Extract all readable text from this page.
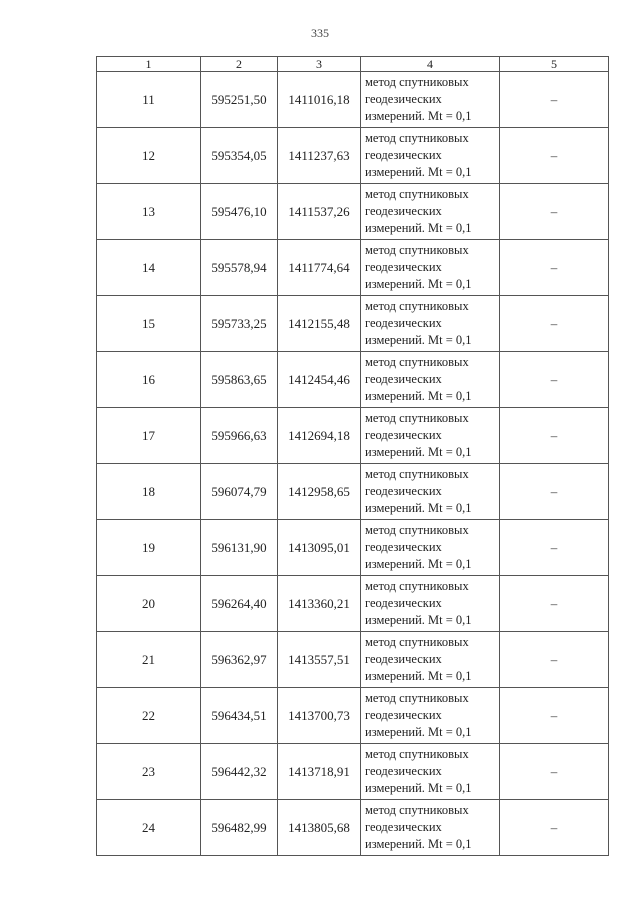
335
1	2	3	4	5
11	595251,50	1411016,18	метод спутниковых
геодезических
измерений. Mt = 0,1	–
12	595354,05	1411237,63	метод спутниковых
геодезических
измерений. Mt = 0,1	–
13	595476,10	1411537,26	метод спутниковых
геодезических
измерений. Mt = 0,1	–
14	595578,94	1411774,64	метод спутниковых
геодезических
измерений. Mt = 0,1	–
15	595733,25	1412155,48	метод спутниковых
геодезических
измерений. Mt = 0,1	–
16	595863,65	1412454,46	метод спутниковых
геодезических
измерений. Mt = 0,1	–
17	595966,63	1412694,18	метод спутниковых
геодезических
измерений. Mt = 0,1	–
18	596074,79	1412958,65	метод спутниковых
геодезических
измерений. Mt = 0,1	–
19	596131,90	1413095,01	метод спутниковых
геодезических
измерений. Mt = 0,1	–
20	596264,40	1413360,21	метод спутниковых
геодезических
измерений. Mt = 0,1	–
21	596362,97	1413557,51	метод спутниковых
геодезических
измерений. Mt = 0,1	–
22	596434,51	1413700,73	метод спутниковых
геодезических
измерений. Mt = 0,1	–
23	596442,32	1413718,91	метод спутниковых
геодезических
измерений. Mt = 0,1	–
24	596482,99	1413805,68	метод спутниковых
геодезических
измерений. Mt = 0,1	–
